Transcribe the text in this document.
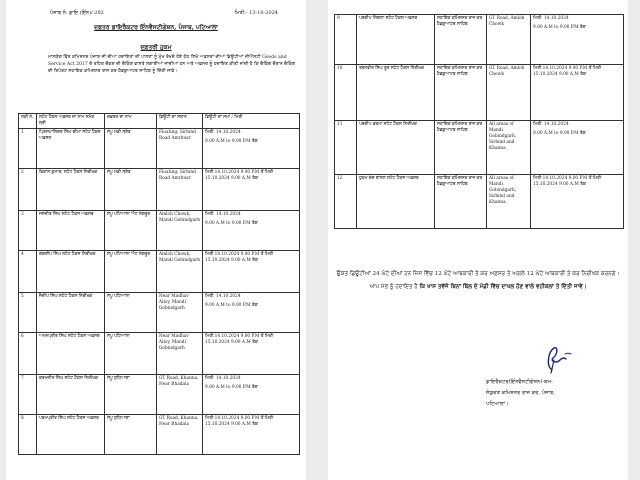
ਪੰਜਾਬ ਨੰ: ਡਾਇ (ਇੰਨ)/ 292	ਮਿਤੀ:- 13-10-2024
ਦਫ਼ਤਰ ਡਾਇਰੈਕਟਰ ਇੰਨਵੈਸਟੀਗੇਸ਼ਨ, ਪੰਜਾਬ, ਪਟਿਆਲਾ
ਦਫ਼ਤਰੀ ਹੁਕਮ
ਮਾਨਯੋਗ ਵਿੱਤ ਕਮਿਸ਼ਨਰ ਪੰਜਾਬ ਜੀ ਦੀਆਂ ਹਦਾਇਤਾਂ ਦੀ ਪਾਲਣਾ ਨੂੰ ਮੁੱਖ ਰੱਖਦੇ ਹੋਏ ਹੇਠ ਲਿਖੇ ਅਫ਼ਸਰਾਂ ਦੀਆਂ ਡਿਊਟੀਆਂ ਜੀਐਸਟੀ Goods and Service Act 2017 ਦੇ ਤਹਿਤ ਚੌਕਸ਼ ਦੀ ਚੈਕਿੰਗ ਵਾਸਤੇ ਲਗਾਈਆਂ ਜਾਂਦੀਆਂ ਹਨ ਅਤੇ ਅਫ਼ਸਰ ਨੂੰ ਹਦਾਇਤ ਕੀਤੀ ਜਾਂਦੀ ਹੈ ਕਿ ਚੈਕਿੰਗ ਦੌਰਾਨ ਚੈਕਿੰਗ ਦੀ ਰਿਪੋਰਟ ਸਹਾਇਕ ਕਮਿਸ਼ਨਰ ਰਾਜ ਕਰ ਹੈਡਕੁਆਟਰ ਸਾਹਿਬ ਨੂੰ ਦਿੱਤੀ ਜਾਵੇ।
ਲੜੀ ਨੰ.	ਸਟੇਟ ਟੈਕਸ ਅਫ਼ਸਰ ਦਾ ਨਾਮ ਸਮੇਤ ਸ਼੍ਰੀ	ਦਫ਼ਤਰ ਦਾ ਨਾਮ	ਡਿਊਟੀ ਦਾ ਸਥਾਨ	ਡਿਊਟੀ ਦਾ ਸਮਾਂ / ਮਿਤੀ
1	ਪ੍ਰਿੰਸਪਾਲਿੰਦਰ ਸਿੰਘ ਚੀਮਾ ਸਟੇਟ ਟੈਕਸ ਅਫ਼ਸਰ	ਸੰਪੂ ਮੰਡੀ ਸ੍ਰੋਤ	Floating, Sirhind Road Amritsar	ਮਿਤੀ. 14.10.2024
9.00 A.M to 9.00 P.M ਤੱਕ

2	ਵਿਕਾਸ ਕੁਮਾਰ, ਸਟੇਟ ਟੈਕਸ ਨਿਰੀਖਕ	ਸੰਪੂ ਮੰਡੀ ਸ੍ਰੋਤ	Floating, Sirhind Road Amritsar	ਮਿਤੀ.14.10.2024 9.00 P.M ਤੋਂ ਮਿਤੀ 15.10.2024 9.00 A.M ਤੱਕ

3	ਜਸਜੀਤ ਸਿੰਘ ਸਟੇਟ ਟੈਕਸ ਅਫ਼ਸਰ	ਸੰਪੂ ਪਟਿਆਲਾ ਐਟ ਸੰਗਰੂਰ	Amloh Chowk, Mandi Gobindgarh	ਮਿਤੀ. 14.10.2024
9.00 A.M to 9.00 P.M ਤੱਕ

4	ਗਗਦੀਪ ਸਿੰਘ ਸਟੇਟ ਟੈਕਸ ਨਿਰੀਖਕ	ਸੰਪੂ ਪਟਿਆਲਾ ਐਟ ਸੰਗਰੂਰ	Amloh Chowk, Mandi Gobindgarh	ਮਿਤੀ.14.10.2024 9.00 P.M ਤੋਂ ਮਿਤੀ 15.10.2024 9.00 A.M ਤੱਕ

5	ਜੈਦੀਪ ਸਿੰਘ ਸਟੇਟ ਟੈਕਸ ਨਿਰੀਖਕ	ਸੰਪੂ ਪਟਿਆਲਾ	Near Madhav Alloy, Mandi Gobindgarh	ਮਿਤੀ. 14.10.2024
9.00 A.M to 9.00 P.M ਤੱਕ

6	ਅਮਨਪ੍ਰੀਤ ਸਿੰਘ ਸਟੇਟ ਟੈਕਸ ਅਫ਼ਸਰ	ਸੰਪੂ ਪਟਿਆਲਾ	Near Madhav Alloy, Mandi Gobindgarh	ਮਿਤੀ.14.10.2024 9.00 P.M ਤੋਂ ਮਿਤੀ 15.10.2024 9.00 A.M ਤੱਕ

7	ਕਰਮਜੀਤ ਸਿੰਘ ਸਟੇਟ ਟੈਕਸ ਨਿਰੀਖਕ	ਸੰਪੂ ਲੁਧਿਆਣਾ	GT Road, Khanna, Near Bhadala	ਮਿਤੀ. 14.10.2024
9.00 A.M to 9.00 P.M ਤੱਕ

8	ਪਰਮਪ੍ਰੀਤ ਸਿੰਘ ਸਟੇਟ ਟੈਕਸ ਅਫ਼ਸਰ	ਸੰਪੂ ਲੁਧਿਆਣਾ	GT Road, Khanna, Near Bhadala	ਮਿਤੀ.14.10.2024 9.00 P.M ਤੋਂ ਮਿਤੀ 15.10.2024 9.00 A.M ਤੱਕ
9	ਪਰਦੀਪ ਸਿੰਗਲਾ ਸਟੇਟ ਟੈਕਸ ਅਫ਼ਸਰ	ਸਹਾਇਕ ਕਮਿਸ਼ਨਰ ਰਾਜ ਕਰ ਹੈਡਕੁਆਟਰ ਸਾਹਿਬ	GT Road, Amloh Chowk	ਮਿਤੀ. 14.10.2024
9.00 A.M to 9.00 P.M ਤੱਕ

10	ਤਰਨਵੀਰ ਸਿੰਘ ਤੂਰ ਸਟੇਟ ਟੈਕਸ ਨਿਰੀਖਕ	ਸਹਾਇਕ ਕਮਿਸ਼ਨਰ ਰਾਜ ਕਰ ਹੈਡਕੁਆਟਰ ਸਾਹਿਬ	GT Road, Amloh Chowk	ਮਿਤੀ.14.10.2024 9.00 P.M ਤੋਂ ਮਿਤੀ 15.10.2024 9.00 A.M ਤੱਕ

11	ਪਰਦੀਪ ਵਰਮਾ ਸਟੇਟ ਟੈਕਸ ਨਿਰੀਖਕ	ਸਹਾਇਕ ਕਮਿਸ਼ਨਰ ਰਾਜ ਕਰ ਹੈਡਕੁਆਟਰ ਸਾਹਿਬ	All areas of Mandi Gobindgarh, Sirhind and Khanna	ਮਿਤੀ. 14.10.2024
9.00 A.M to 9.00 P.M ਤੱਕ

12	ਹੁਕਮ ਚੰਦ ਬਾਂਸਲ ਸਟੇਟ ਟੈਕਸ ਅਫ਼ਸਰ	ਸਹਾਇਕ ਕਮਿਸ਼ਨਰ ਰਾਜ ਕਰ ਹੈਡਕੁਆਟਰ ਸਾਹਿਬ	All areas of Mandi Gobindgarh, Sirhind and Khanna	ਮਿਤੀ.14.10.2024 9.00 P.M ਤੋਂ ਮਿਤੀ 15.10.2024 9.00 A.M ਤੱਕ
ਉਕਤ ਡਿਊਟੀਆਂ 24 ਘੰਟੇ ਦੀਆਂ ਹਨ ਜਿਸ ਵਿੱਚ 12 ਘੰਟੇ ਆਬਕਾਰੀ ਤੇ ਕਰ ਅਫ਼ਸਰ ਤੇ ਅਗਲੇ 12 ਘੰਟੇ ਆਬਕਾਰੀ ਤੇ ਕਰ ਨਿਰੀਖਕ ਕਰਨਗੇ। ਆਪ ਸਭ ਨੂੰ ਹਦਾਇਤ ਹੈ ਕਿ ਖਾਸ ਤਵੱਜੋ ਬਿਨਾਂ ਬਿੱਲ ਦੇ ਮੰਡੀ ਵਿੱਚ ਦਾਖਲ ਹੋਣ ਵਾਲੇ ਵਹੀਕਲਾਂ ਤੇ ਦਿੱਤੀ ਜਾਵੇ।
ਡਾਇਰੈਕਟਰ(ਇੰਨਵੈਸਟੀਗੇਸ਼ਨ)-ਕਮ-
ਸੰਯੁਕਤ ਕਮਿਸ਼ਨਰ ਰਾਜ ਕਰ, ਪੰਜਾਬ,
ਪਟਿਆਲਾ।
